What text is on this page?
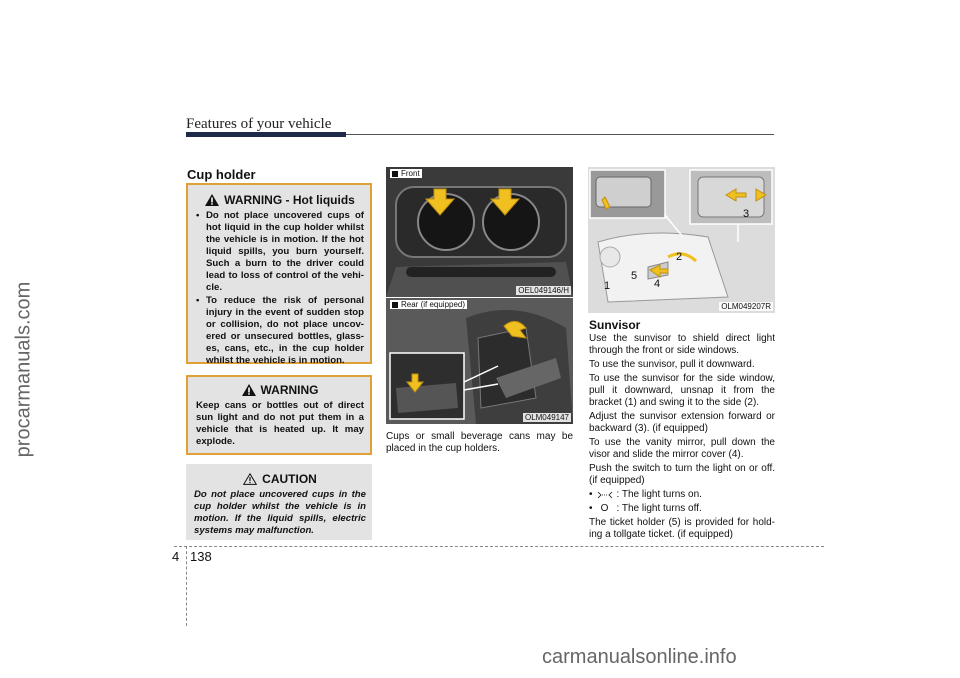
Features of your vehicle
procarmanuals.com
Cup holder
WARNING - Hot liquids
• Do not place uncovered cups of hot liquid in the cup holder whilst the vehicle is in motion. If the hot liquid spills, you burn yourself. Such a burn to the driver could lead to loss of control of the vehi-cle.
• To reduce the risk of personal injury in the event of sudden stop or collision, do not place uncov-ered or unsecured bottles, glass-es, cans, etc., in the cup holder whilst the vehicle is in motion.
WARNING
Keep cans or bottles out of direct sun light and do not put them in a vehicle that is heated up. It may explode.
CAUTION
Do not place uncovered cups in the cup holder whilst the vehicle is in motion. If the liquid spills, electric systems may malfunction.
Front
OEL049146/H
Rear (if equipped)
OLM049147
Cups or small beverage cans may be placed in the cup holders.
3
1
2
4
5
OLM049207R
Sunvisor
Use the sunvisor to shield direct light through the front or side windows.
To use the sunvisor, pull it downward.
To use the sunvisor for the side window, pull it downward, unsnap it from the bracket (1) and swing it to the side (2).
Adjust the sunvisor extension forward or backward (3). (if equipped)
To use the vanity mirror, pull down the visor and slide the mirror cover (4).
Push the switch to turn the light on or off. (if equipped)
• : The light turns on.
• O : The light turns off.
The ticket holder (5) is provided for hold-ing a tollgate ticket. (if equipped)
4 138
carmanualsonline.info
